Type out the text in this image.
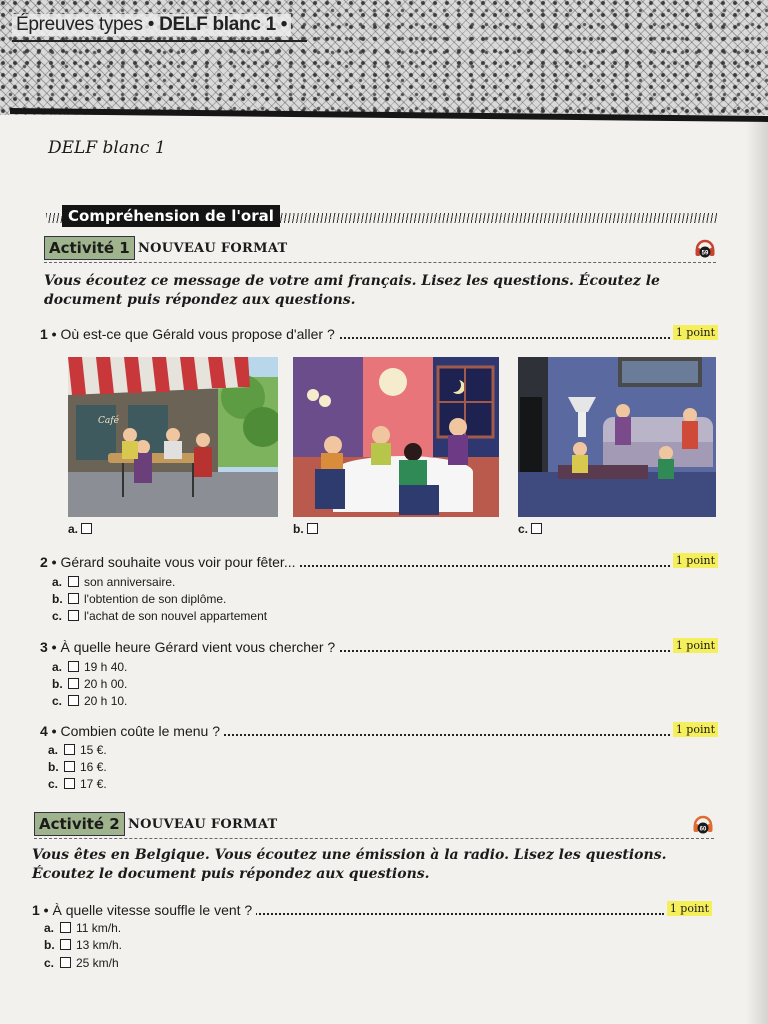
Épreuves types • DELF blanc 1 •
DELF blanc 1
Compréhension de l'oral
Activité 1 NOUVEAU FORMAT	59
Vous écoutez ce message de votre ami français. Lisez les questions. Écoutez le document puis répondez aux questions.
1 • Où est-ce que Gérald vous propose d'aller ?	1 point
Café
a.	b.	c.
2 • Gérard souhaite vous voir pour fêter...	1 point
a. son anniversaire.
b. l'obtention de son diplôme.
c. l'achat de son nouvel appartement
3 • À quelle heure Gérard vient vous chercher ?	1 point
a. 19 h 40.
b. 20 h 00.
c. 20 h 10.
4 • Combien coûte le menu ?	1 point
a. 15 €.
b. 16 €.
c. 17 €.
Activité 2 NOUVEAU FORMAT	60
Vous êtes en Belgique. Vous écoutez une émission à la radio. Lisez les questions. Écoutez le document puis répondez aux questions.
1 • À quelle vitesse souffle le vent ?	1 point
a. 11 km/h.
b. 13 km/h.
c. 25 km/h
